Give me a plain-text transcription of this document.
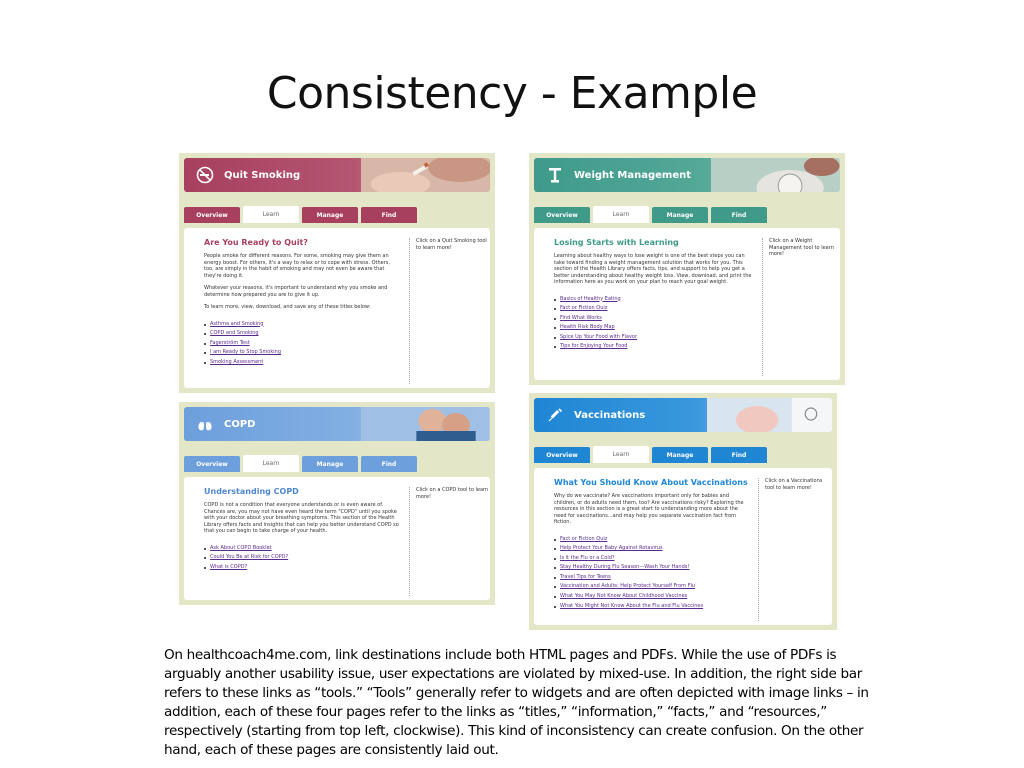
Consistency - Example
Quit Smoking
Overview	Learn	Manage	Find
Are You Ready to Quit?

People smoke for different reasons. For some, smoking may give them an energy boost. For others, it's a way to relax or to cope with stress. Others, too, are simply in the habit of smoking and may not even be aware that they're doing it.

Whatever your reasons, it's important to understand why you smoke and determine how prepared you are to give it up.

To learn more, view, download, and save any of these titles below:

Asthma and Smoking
COPD and Smoking
Fagerström Test
I am Ready to Stop Smoking
Smoking Assessment
Click on a Quit Smoking tool to learn more!
Weight Management
Overview	Learn	Manage	Find
Losing Starts with Learning

Learning about healthy ways to lose weight is one of the best steps you can take toward finding a weight management solution that works for you. This section of the Health Library offers facts, tips, and support to help you get a better understanding about healthy weight loss. View, download, and print the information here as you work on your plan to reach your goal weight.

Basics of Healthy Eating
Fact or Fiction Quiz
Find What Works
Health Risk Body Map
Spice Up Your Food with Flavor
Tips for Enjoying Your Food
Click on a Weight Management tool to learn more!
COPD
Overview	Learn	Manage	Find
Understanding COPD

COPD is not a condition that everyone understands or is even aware of. Chances are, you may not have even heard the term "COPD" until you spoke with your doctor about your breathing symptoms. This section of the Health Library offers facts and insights that can help you better understand COPD so that you can begin to take charge of your health.

Ask About COPD Booklet
Could You Be at Risk for COPD?
What is COPD?
Click on a COPD tool to learn more!
Vaccinations
Overview	Learn	Manage	Find
What You Should Know About Vaccinations

Why do we vaccinate? Are vaccinations important only for babies and children, or do adults need them, too? Are vaccinations risky? Exploring the resources in this section is a great start to understanding more about the need for vaccinations...and may help you separate vaccination fact from fiction.

Fact or Fiction Quiz
Help Protect Your Baby Against Rotavirus
Is it the Flu or a Cold?
Stay Healthy During Flu Season—Wash Your Hands!
Travel Tips for Teens
Vaccination and Adults: Help Protect Yourself From Flu
What You May Not Know About Childhood Vaccines
What You Might Not Know About the Flu and Flu Vaccines
Click on a Vaccinations tool to learn more!
On healthcoach4me.com, link destinations include both HTML pages and PDFs. While the use of PDFs is arguably another usability issue, user expectations are violated by mixed-use. In addition, the right side bar refers to these links as “tools.” “Tools” generally refer to widgets and are often depicted with image links – in addition, each of these four pages refer to the links as “titles,” “information,” “facts,” and “resources,” respectively (starting from top left, clockwise). This kind of inconsistency can create confusion. On the other hand, each of these pages are consistently laid out.
